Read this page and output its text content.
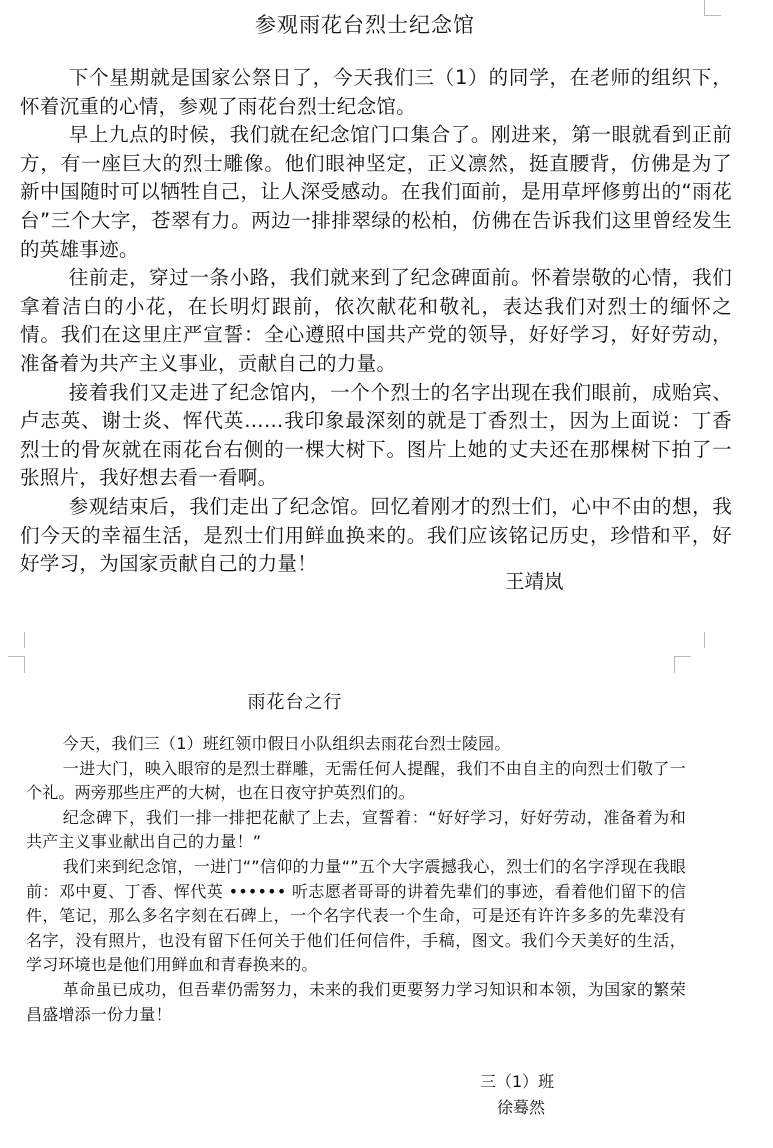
参观雨花台烈士纪念馆

下个星期就是国家公祭日了，今天我们三（1）的同学，在老师的组织下，怀着沉重的心情，参观了雨花台烈士纪念馆。

早上九点的时候，我们就在纪念馆门口集合了。刚进来，第一眼就看到正前方，有一座巨大的烈士雕像。他们眼神坚定，正义凛然，挺直腰背，仿佛是为了新中国随时可以牺牲自己，让人深受感动。在我们面前，是用草坪修剪出的“雨花台”三个大字，苍翠有力。两边一排排翠绿的松柏，仿佛在告诉我们这里曾经发生的英雄事迹。

往前走，穿过一条小路，我们就来到了纪念碑面前。怀着崇敬的心情，我们拿着洁白的小花，在长明灯跟前，依次献花和敬礼，表达我们对烈士的缅怀之情。我们在这里庄严宣誓：全心遵照中国共产党的领导，好好学习，好好劳动，准备着为共产主义事业，贡献自己的力量。

接着我们又走进了纪念馆内，一个个烈士的名字出现在我们眼前，成贻宾、卢志英、谢士炎、恽代英……我印象最深刻的就是丁香烈士，因为上面说：丁香烈士的骨灰就在雨花台右侧的一棵大树下。图片上她的丈夫还在那棵树下拍了一张照片，我好想去看一看啊。

参观结束后，我们走出了纪念馆。回忆着刚才的烈士们，心中不由的想，我们今天的幸福生活，是烈士们用鲜血换来的。我们应该铭记历史，珍惜和平，好好学习，为国家贡献自己的力量！

王靖岚
雨花台之行

今天，我们三（1）班红领巾假日小队组织去雨花台烈士陵园。

一进大门，映入眼帘的是烈士群雕，无需任何人提醒，我们不由自主的向烈士们敬了一个礼。两旁那些庄严的大树，也在日夜守护英烈们的。

纪念碑下，我们一排一排把花献了上去，宣誓着：“好好学习，好好劳动，准备着为和共产主义事业献出自己的力量！”

我们来到纪念馆，一进门“”信仰的力量“”五个大字震撼我心，烈士们的名字浮现在我眼前：邓中夏、丁香、恽代英 •••••• 听志愿者哥哥的讲着先辈们的事迹，看着他们留下的信件，笔记，那么多名字刻在石碑上，一个名字代表一个生命，可是还有许许多多的先辈没有名字，没有照片，也没有留下任何关于他们任何信件，手稿，图文。我们今天美好的生活，学习环境也是他们用鲜血和青春换来的。

革命虽已成功，但吾辈仍需努力，未来的我们更要努力学习知识和本领，为国家的繁荣昌盛增添一份力量！

三（1）班
徐蓦然
